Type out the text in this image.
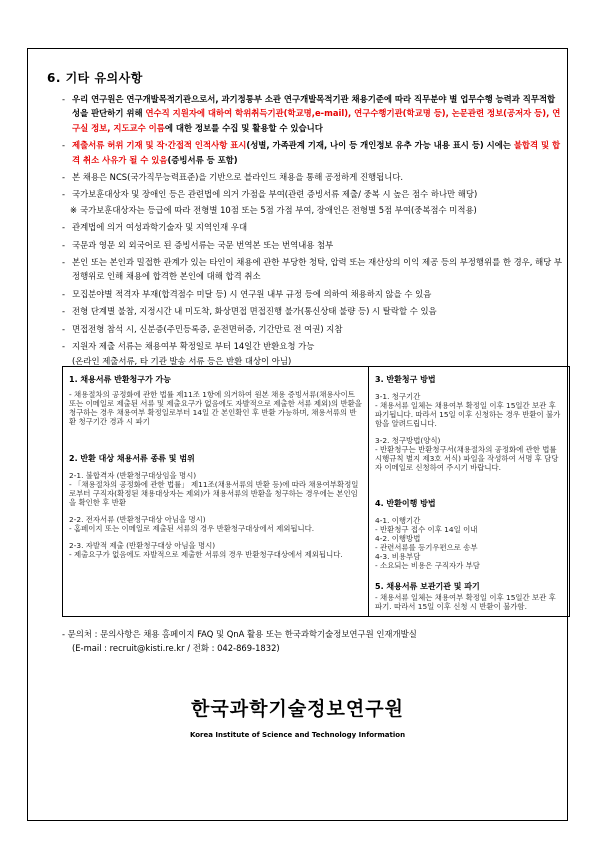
6. 기타 유의사항
- 우리 연구원은 연구개발목적기관으로서, 과기정통부 소관 연구개발목적기관 채용기준에 따라 직무분야 별 업무수행 능력과 직무적합성을 판단하기 위해 연수직 지원자에 대하여 학위취득기관(학교명,e-mail), 연구수행기관(학교명 등), 논문관련 정보(공저자 등), 연구실 정보, 지도교수 이름에 대한 정보를 수집 및 활용할 수 있습니다
- 제출서류 허위 기재 및 작·간접적 인적사항 표시(성별, 가족관계 기재, 나이 등 개인정보 유추 가능 내용 표시 등) 시에는 불합격 및 합격 취소 사유가 될 수 있음(증빙서류 등 포함)
- 본 채용은 NCS(국가직무능력표준)을 기반으로 블라인드 채용을 통해 공정하게 진행됩니다.
- 국가보훈대상자 및 장애인 등은 관련법에 의거 가점을 부여(관련 증빙서류 제출/ 중복 시 높은 점수 하나만 해당)
※ 국가보훈대상자는 등급에 따라 전형별 10점 또는 5점 가점 부여, 장애인은 전형별 5점 부여(중복점수 미적용)
- 관계법에 의거 여성과학기술자 및 지역인재 우대
- 국문과 영문 외 외국어로 된 증빙서류는 국문 번역본 또는 번역내용 첨부
- 본인 또는 본인과 밀접한 관계가 있는 타인이 채용에 관한 부당한 청탁, 압력 또는 재산상의 이익 제공 등의 부정행위를 한 경우, 해당 부정행위로 인해 채용에 합격한 본인에 대해 합격 취소
- 모집분야별 적격자 부재(합격점수 미달 등) 시 연구원 내부 규정 등에 의하여 채용하지 않을 수 있음
- 전형 단계별 불참, 지정시간 내 미도착, 화상면접 면접진행 불가(통신상태 불량 등) 시 탈락할 수 있음
- 면접전형 참석 시, 신분증(주민등록증, 운전면허증, 기간만료 전 여권) 지참
- 지원자 제출 서류는 채용여부 확정일로 부터 14일간 반환요청 가능
(온라인 제출서류, 타 기관 발송 서류 등은 반환 대상이 아님)
1. 채용서류 반환청구가 가능
- 채용절차의 공정화에 관한 법률 제11조 1항에 의거하여 원본 채용 증빙서류(채용사이트 또는 이메일로 제출된 서류 및 제출요구가 없음에도 자발적으로 제출한 서류 제외)의 반환을 청구하는 경우 채용여부 확정일로부터 14일 간 본인확인 후 반환 가능하며, 채용서류의 반환 청구기간 경과 시 파기
2. 반환 대상 채용서류 종류 및 범위
2-1. 불합격자 (반환청구대상임을 명시)
- 「채용절차의 공정화에 관한 법률」 제11조(채용서류의 반환 등)에 따라 채용여부확정일로부터 구직자(확정된 채용대상자는 제외)가 채용서류의 반환을 청구하는 경우에는 본인임을 확인한 후 반환
2-2. 전자서류 (반환청구대상 아님을 명시)
- 홈페이지 또는 이메일로 제출된 서류의 경우 반환청구대상에서 제외됩니다.
2-3. 자발적 제출 (반환청구대상 아님을 명시)
- 제출요구가 없음에도 자발적으로 제출한 서류의 경우 반환청구대상에서 제외됩니다.
3. 반환청구 방법
3-1. 청구기간
- 채용서류 일체는 채용여부 확정일 이후 15일간 보관 후 파기됩니다. 따라서 15일 이후 신청하는 경우 반환이 불가함을 알려드립니다.
3-2. 청구방법(양식)
- 반환청구는 반환청구서(채용절차의 공정화에 관한 법률 시행규칙 별지 제3호 서식) 파일을 작성하여 서명 후 담당자 이메일로 신청하여 주시기 바랍니다.
4. 반환이행 방법
4-1. 이행기간
- 반환청구 접수 이후 14일 이내
4-2. 이행방법
- 관련서류를 등기우편으로 송부
4-3. 비용부담
- 소요되는 비용은 구직자가 부담
5. 채용서류 보관기관 및 파기
- 채용서류 일체는 채용여부 확정일 이후 15일간 보관 후 파기. 따라서 15일 이후 신청 시 반환이 불가함.
- 문의처 : 문의사항은 채용 홈페이지 FAQ 및 QnA 활용 또는 한국과학기술정보연구원 인재개발실
(E-mail : recruit@kisti.re.kr / 전화 : 042-869-1832)
한국과학기술정보연구원
Korea Institute of Science and Technology Information
